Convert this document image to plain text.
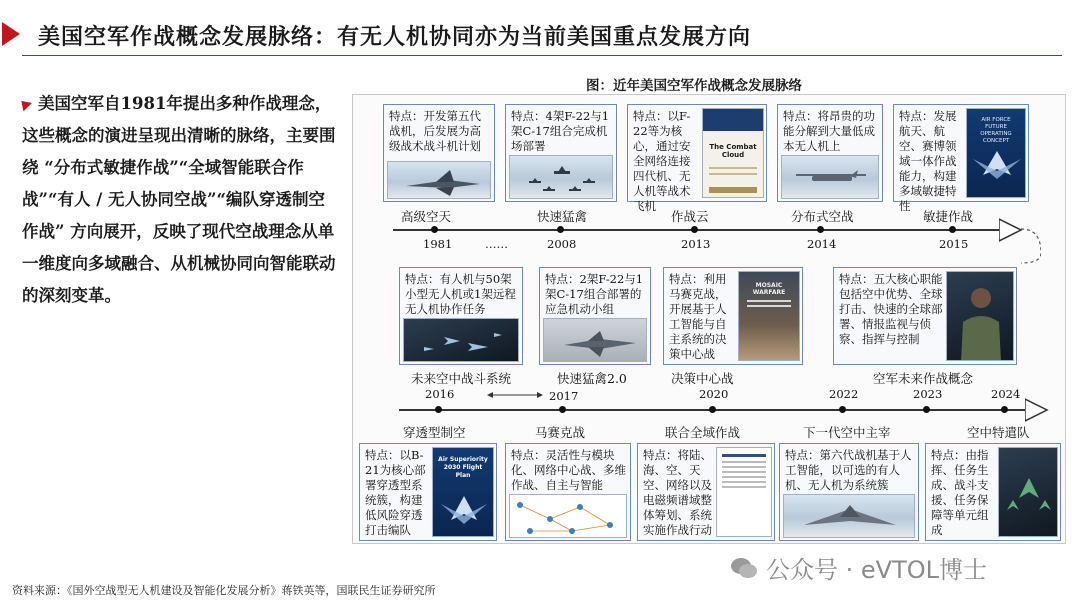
美国空军作战概念发展脉络：有无人机协同亦为当前美国重点发展方向

美国空军自1981年提出多种作战理念，这些概念的演进呈现出清晰的脉络，主要围绕 “分布式敏捷作战”“全域智能联合作战”“有人 / 无人协同空战”“编队穿透制空作战” 方向展开，反映了现代空战理念从单一维度向多域融合、从机械协同向智能联动的深刻变革。

图：近年美国空军作战概念发展脉络
特点：开发第五代战机，后发展为高级战术战斗机计划
特点：4架F-22与1架C-17组合完成机场部署
特点：以F-22等为核心，通过安全网络连接四代机、无人机等战术飞机
The Combat Cloud
特点：将昂贵的功能分解到大量低成本无人机上
特点：发展航天、航空、赛博领域一体作战能力，构建多域敏捷特性
AIR FORCE FUTURE OPERATING CONCEPT
高级空天	快速猛禽	作战云	分布式空战	敏捷作战
1981	……	2008	2013	2014	2015
特点：有人机与50架小型无人机或1架远程无人机协作任务
特点：2架F-22与1架C-17组合部署的应急机动小组
特点：利用马赛克战，开展基于人工智能与自主系统的决策中心战
MOSAIC WARFARE
特点：五大核心职能包括空中优势、全球打击、快速的全球部署、情报监视与侦察、指挥与控制
未来空中战斗系统	快速猛禽2.0	决策中心战	空军未来作战概念
2016	2017	2020	2022	2023	2024
穿透型制空	马赛克战	联合全域作战	下一代空中主宰	空中特遣队
特点：以B-21为核心部署穿透型系统簇，构建低风险穿透打击编队
Air Superiority 2030 Flight Plan
特点：灵活性与模块化、网络中心战、多维作战、自主与智能
特点：将陆、海、空、天空、网络以及电磁频谱域整体筹划、系统实施作战行动
特点：第六代战机基于人工智能，以可选的有人机、无人机为系统簇
特点：由指挥、任务生成、战斗支援、任务保障等单元组成
资料来源：《国外空战型无人机建设及智能化发展分析》蒋铁英等，国联民生证券研究所
公众号 · eVTOL博士
